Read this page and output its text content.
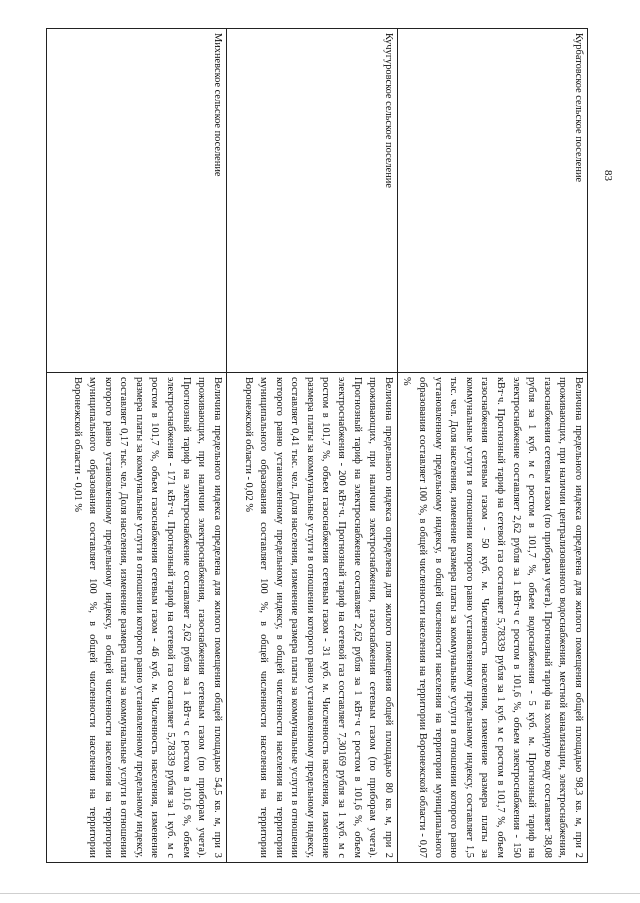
83
Курбатовское сельское поселение	Величина предельного индекса определена для жилого помещения общей площадью 98,3 кв. м, при 2 проживающих, при наличии централизованного водоснабжения, местной канализации, электроснабжения, газоснабжения сетевым газом (по приборам учета). Прогнозный тариф на холодную воду составляет 38,08 рубля за 1 куб. м с ростом в 101,7 %, объем водоснабжения - 5 куб. м. Прогнозный тариф на электроснабжение составляет 2,62 рубля за 1 кВт·ч с ростом в 101,6 %, объем электроснабжения - 150 кВт·ч. Прогнозный тариф на сетевой газ составляет 5,78339 рубля за 1 куб. м с ростом в 101,7 %, объем газоснабжения сетевым газом - 50 куб. м. Численность населения, изменение размера платы за коммунальные услуги в отношении которого равно установленному предельному индексу, составляет 1,5 тыс. чел. Доля населения, изменение размера платы за коммунальные услуги в отношении которого равно установленному предельному индексу, в общей численности населения на территории муниципального образования составляет 100 %, в общей численности населения на территории Воронежской области - 0,07 %
Кучугуровское сельское поселение	Величина предельного индекса определена для жилого помещения общей площадью 80 кв. м, при 2 проживающих, при наличии электроснабжения, газоснабжения сетевым газом (по приборам учета). Прогнозный тариф на электроснабжение составляет 2,62 рубля за 1 кВт·ч с ростом в 101,6 %, объем электроснабжения - 200 кВт·ч. Прогнозный тариф на сетевой газ составляет 7,30169 рубля за 1 куб. м с ростом в 101,7 %, объем газоснабжения сетевым газом - 31 куб. м. Численность населения, изменение размера платы за коммунальные услуги в отношении которого равно установленному предельному индексу, составляет 0,41 тыс. чел. Доля населения, изменение размера платы за коммунальные услуги в отношении которого равно установленному предельному индексу, в общей численности населения на территории муниципального образования составляет 100 %, в общей численности населения на территории Воронежской области - 0,02 %
Михневское сельское поселение	Величина предельного индекса определена для жилого помещения общей площадью 54,5 кв. м, при 3 проживающих, при наличии электроснабжения, газоснабжения сетевым газом (по приборам учета). Прогнозный тариф на электроснабжение составляет 2,62 рубля за 1 кВт·ч с ростом в 101,6 %, объем электроснабжения - 171 кВт·ч. Прогнозный тариф на сетевой газ составляет 5,78339 рубля за 1 куб. м с ростом в 101,7 %, объем газоснабжения сетевым газом - 46 куб. м. Численность населения, изменение размера платы за коммунальные услуги в отношении которого равно установленному предельному индексу, составляет 0,17 тыс. чел. Доля населения, изменение размера платы за коммунальные услуги в отношении которого равно установленному предельному индексу, в общей численности населения на территории муниципального образования составляет 100 %, в общей численности населения на территории Воронежской области - 0,01 %
